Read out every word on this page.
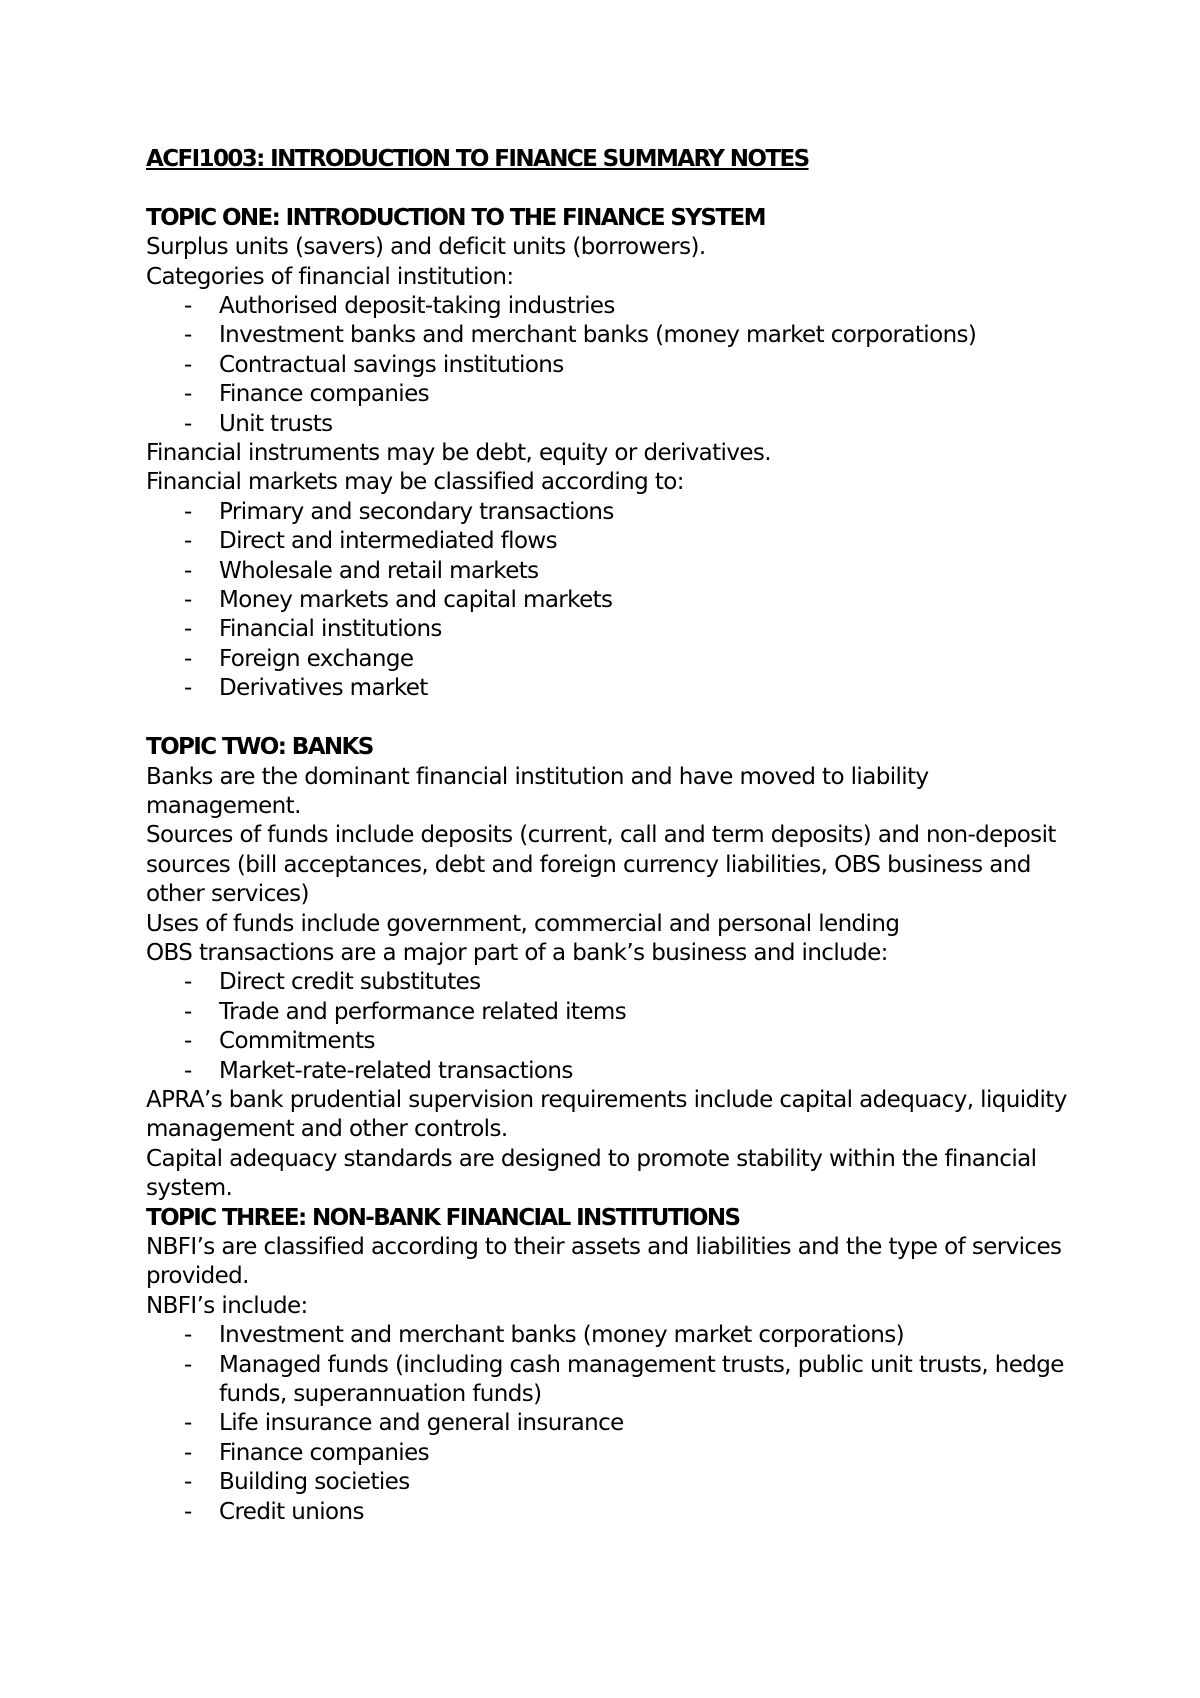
ACFI1003: INTRODUCTION TO FINANCE SUMMARY NOTES
TOPIC ONE: INTRODUCTION TO THE FINANCE SYSTEM

Surplus units (savers) and deficit units (borrowers).

Categories of financial institution:

- Authorised deposit-taking industries
- Investment banks and merchant banks (money market corporations)
- Contractual savings institutions
- Finance companies
- Unit trusts

Financial instruments may be debt, equity or derivatives.

Financial markets may be classified according to:

- Primary and secondary transactions
- Direct and intermediated flows
- Wholesale and retail markets
- Money markets and capital markets
- Financial institutions
- Foreign exchange
- Derivatives market
TOPIC TWO: BANKS

Banks are the dominant financial institution and have moved to liability management.

Sources of funds include deposits (current, call and term deposits) and non-deposit sources (bill acceptances, debt and foreign currency liabilities, OBS business and other services)

Uses of funds include government, commercial and personal lending

OBS transactions are a major part of a bank’s business and include:

- Direct credit substitutes
- Trade and performance related items
- Commitments
- Market-rate-related transactions

APRA’s bank prudential supervision requirements include capital adequacy, liquidity management and other controls.

Capital adequacy standards are designed to promote stability within the financial system.

TOPIC THREE: NON-BANK FINANCIAL INSTITUTIONS

NBFI’s are classified according to their assets and liabilities and the type of services provided.

NBFI’s include:

- Investment and merchant banks (money market corporations)
- Managed funds (including cash management trusts, public unit trusts, hedge funds, superannuation funds)
- Life insurance and general insurance
- Finance companies
- Building societies
- Credit unions
